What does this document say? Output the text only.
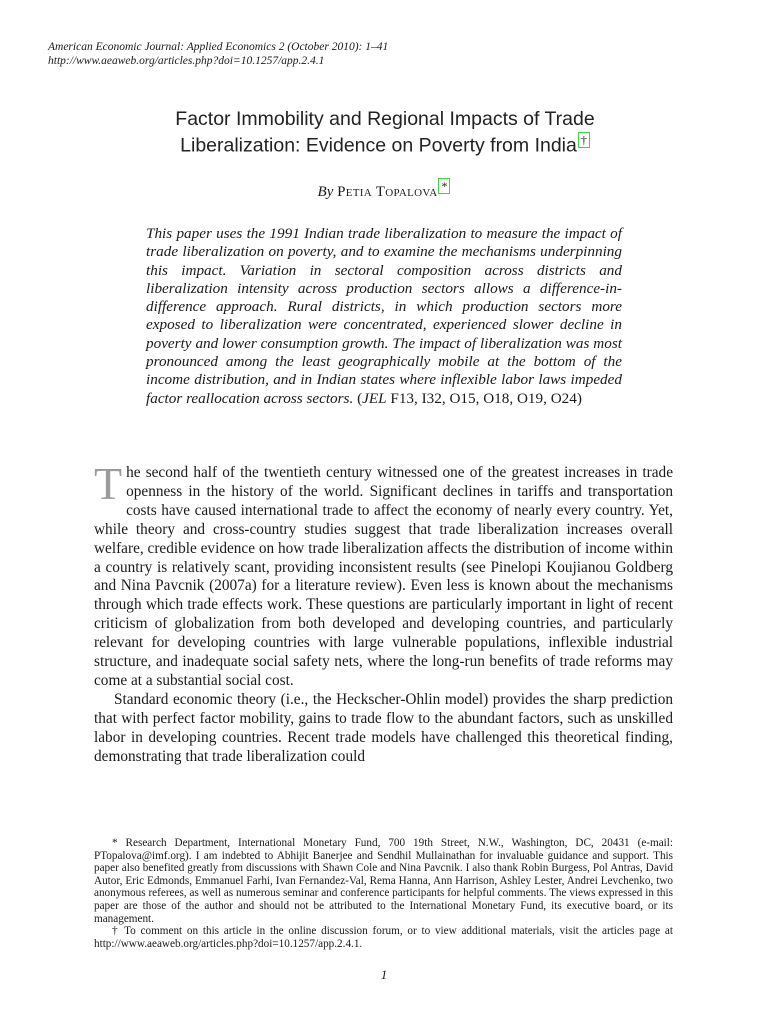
American Economic Journal: Applied Economics 2 (October 2010): 1–41
http://www.aeaweb.org/articles.php?doi=10.1257/app.2.4.1
Factor Immobility and Regional Impacts of Trade
Liberalization: Evidence on Poverty from India †
By Petia Topalova *
This paper uses the 1991 Indian trade liberalization to measure the impact of trade liberalization on poverty, and to examine the mechanisms underpinning this impact. Variation in sectoral composition across districts and liberalization intensity across production sectors allows a difference-in-difference approach. Rural districts, in which production sectors more exposed to liberalization were concentrated, experienced slower decline in poverty and lower consumption growth. The impact of liberalization was most pronounced among the least geographically mobile at the bottom of the income distribution, and in Indian states where inflexible labor laws impeded factor reallocation across sectors. (JEL F13, I32, O15, O18, O19, O24)

The second half of the twentieth century witnessed one of the greatest increases in trade openness in the history of the world. Significant declines in tariffs and transportation costs have caused international trade to affect the economy of nearly every country. Yet, while theory and cross-country studies suggest that trade liberalization increases overall welfare, credible evidence on how trade liberalization affects the distribution of income within a country is relatively scant, providing inconsistent results (see Pinelopi Koujianou Goldberg and Nina Pavcnik (2007a) for a literature review). Even less is known about the mechanisms through which trade effects work. These questions are particularly important in light of recent criticism of globalization from both developed and developing countries, and particularly relevant for developing countries with large vulnerable populations, inflexible industrial structure, and inadequate social safety nets, where the long-run benefits of trade reforms may come at a substantial social cost.

Standard economic theory (i.e., the Heckscher-Ohlin model) provides the sharp prediction that with perfect factor mobility, gains to trade flow to the abundant factors, such as unskilled labor in developing countries. Recent trade models have challenged this theoretical finding, demonstrating that trade liberalization could

* Research Department, International Monetary Fund, 700 19th Street, N.W., Washington, DC, 20431 (e-mail: PTopalova@imf.org). I am indebted to Abhijit Banerjee and Sendhil Mullainathan for invaluable guidance and support. This paper also benefited greatly from discussions with Shawn Cole and Nina Pavcnik. I also thank Robin Burgess, Pol Antras, David Autor, Eric Edmonds, Emmanuel Farhi, Ivan Fernandez-Val, Rema Hanna, Ann Harrison, Ashley Lester, Andrei Levchenko, two anonymous referees, as well as numerous seminar and conference participants for helpful comments. The views expressed in this paper are those of the author and should not be attributed to the International Monetary Fund, its executive board, or its management.

† To comment on this article in the online discussion forum, or to view additional materials, visit the articles page at http://www.aeaweb.org/articles.php?doi=10.1257/app.2.4.1.

1
